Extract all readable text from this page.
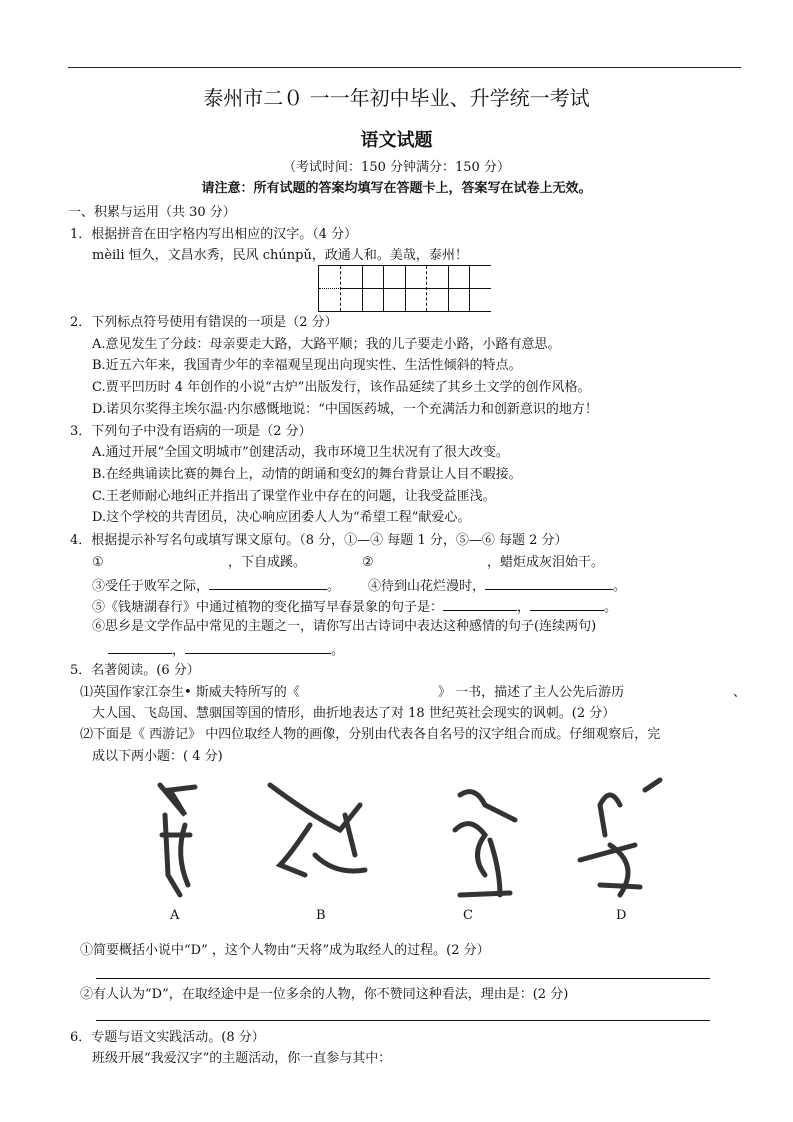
泰州市二０ 一一年初中毕业、升学统一考试
语文试题
（考试时间：150 分钟满分：150 分）
请注意：所有试题的答案均填写在答题卡上，答案写在试卷上无效。
一、积累与运用（共 30 分）
1．根据拼音在田字格内写出相应的汉字。（4 分）
mèili 恒久，文昌水秀，民风 chúnpǔ，政通人和。美哉，泰州！
2．下列标点符号使用有错误的一项是（2 分）
A.意见发生了分歧：母亲要走大路，大路平顺；我的儿子要走小路，小路有意思。
B.近五六年来，我国青少年的幸福观呈现出向现实性、生活性倾斜的特点。
C.贾平凹历时 4 年创作的小说“古炉”出版发行，该作品延续了其乡土文学的创作风格。
D.诺贝尔奖得主埃尔温·内尔感慨地说：“中国医药城，一个充满活力和创新意识的地方！
3．下列句子中没有语病的一项是（2 分）
A.通过开展“全国文明城市”创建活动，我市环境卫生状况有了很大改变。
B.在经典诵读比赛的舞台上，动情的朗诵和变幻的舞台背景让人目不暇接。
C.王老师耐心地纠正并指出了课堂作业中存在的问题，让我受益匪浅。
D.这个学校的共青团员，决心响应团委人人为“希望工程”献爱心。
4．根据提示补写名句或填写课文原句。（8 分，①—④ 每题 1 分，⑤—⑥ 每题 2 分）
①	，下自成蹊。	②	，蜡炬成灰泪始干。
③受任于败军之际，	。 ④待到山花烂漫时，	。
⑤《钱塘湖春行》中通过植物的变化描写早春景象的句子是：	，	。
⑥思乡是文学作品中常见的主题之一，请你写出古诗词中表达这种感情的句子(连续两句)
，	。
5．名著阅读。(6 分）
⑴英国作家江奈生• 斯威夫特所写的《	》 一书，描述了主人公先后游历	、
大人国、飞岛国、慧骃国等国的情形，曲折地表达了对 18 世纪英社会现实的讽刺。(2 分）
⑵下面是《 西游记》 中四位取经人物的画像，分别由代表各自名号的汉字组合而成。仔细观察后，完
成以下两小题：( 4 分)
A	B	C	D
①简要概括小说中“D” ，这个人物由“天将”成为取经人的过程。(2 分）
②有人认为“D”，在取经途中是一位多余的人物，你不赞同这种看法，理由是：(2 分)
6．专题与语文实践活动。(8 分）
班级开展“我爱汉字”的主题活动，你一直参与其中：
